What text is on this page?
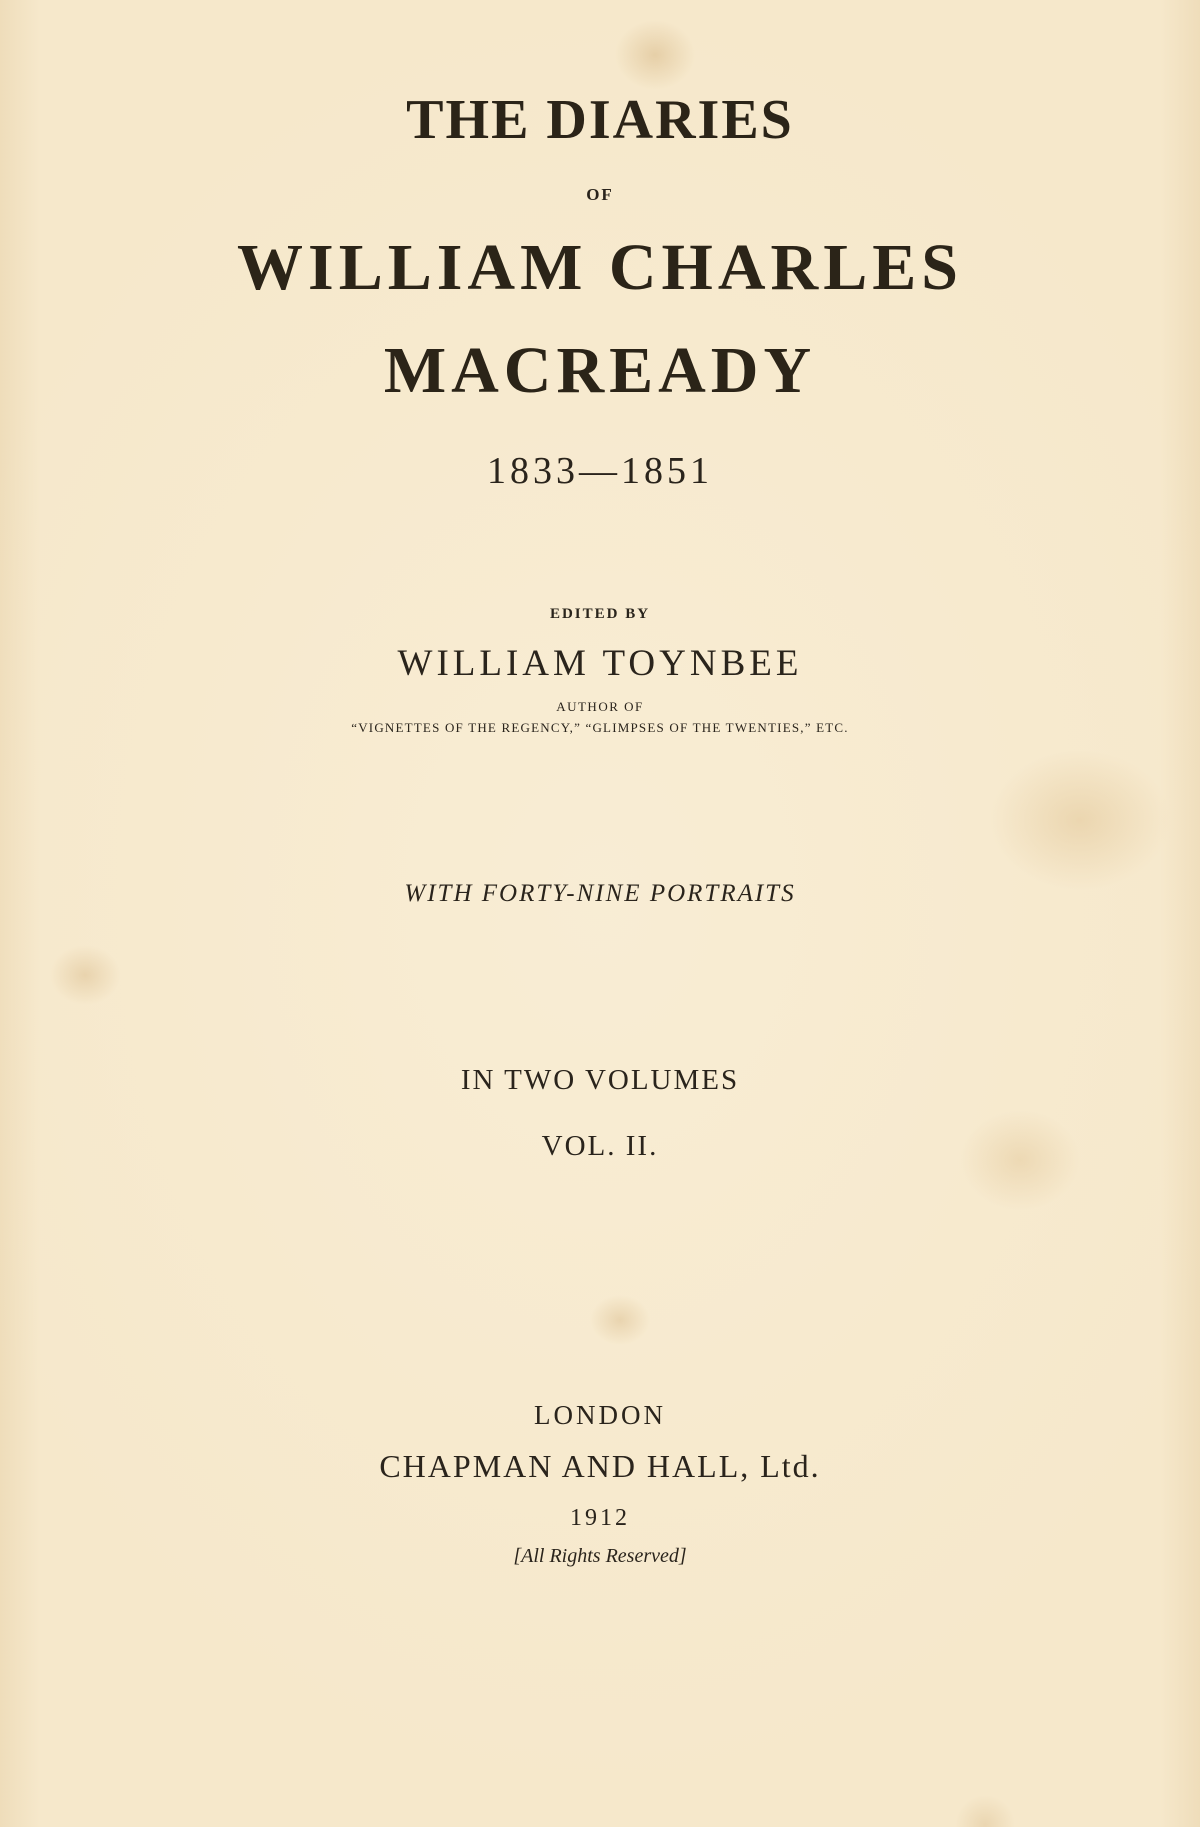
THE DIARIES
OF
WILLIAM CHARLES
MACREADY
1833—1851
EDITED BY
WILLIAM TOYNBEE
AUTHOR OF
“VIGNETTES OF THE REGENCY,” “GLIMPSES OF THE TWENTIES,” ETC.
WITH FORTY-NINE PORTRAITS
IN TWO VOLUMES
VOL. II.
LONDON
CHAPMAN AND HALL, Ltd.
1912
[All Rights Reserved]
